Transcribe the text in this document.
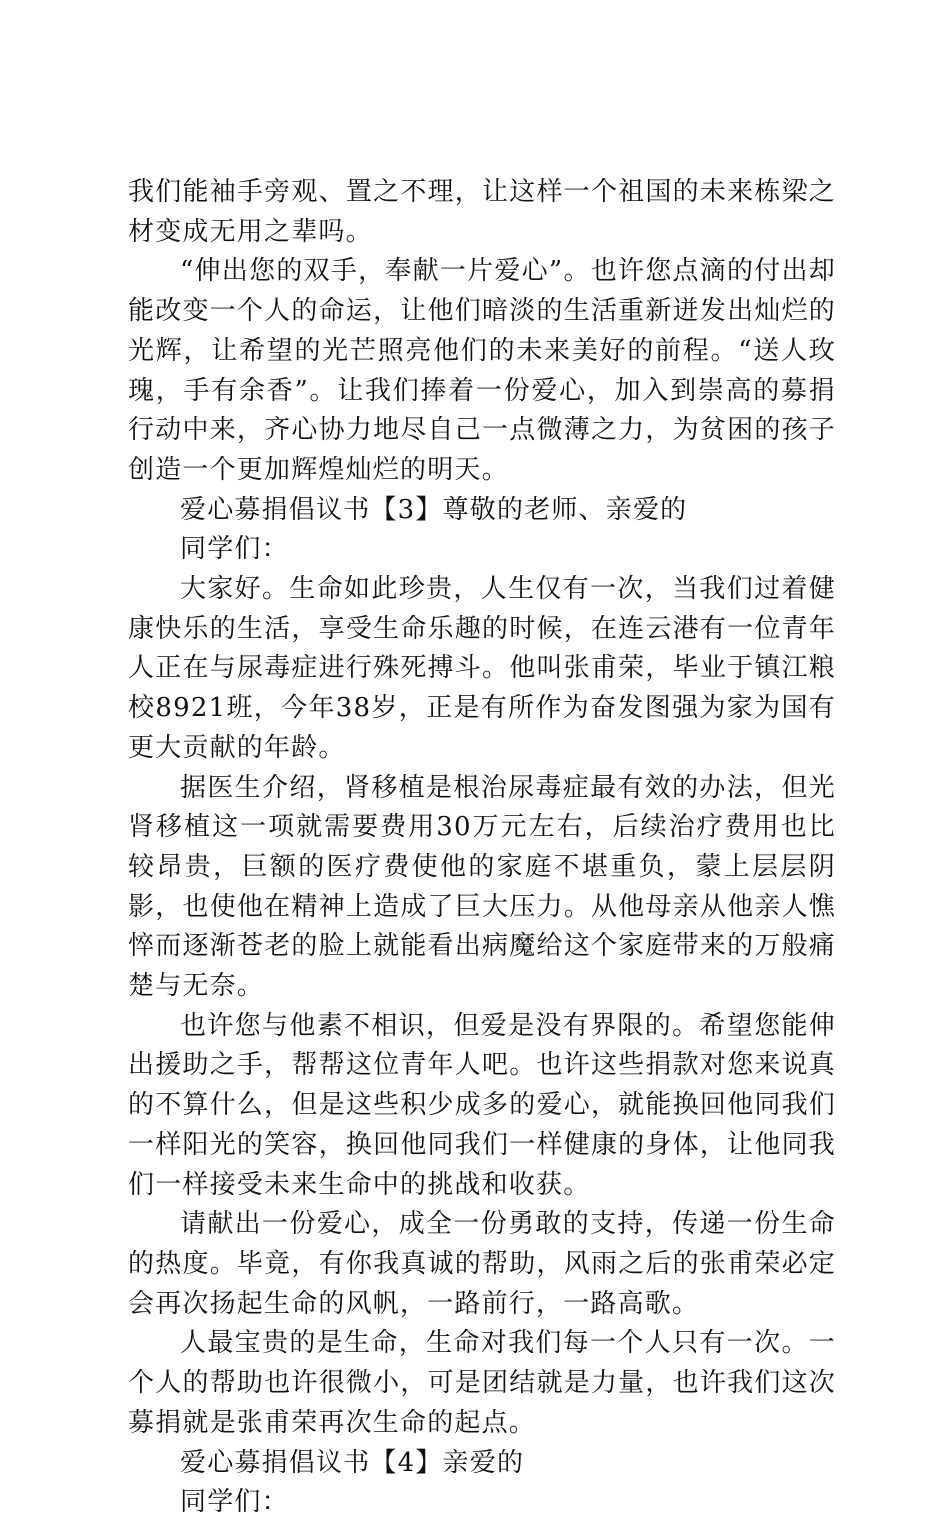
我们能袖手旁观、置之不理，让这样一个祖国的未来栋梁之材变成无用之辈吗。

“伸出您的双手，奉献一片爱心”。也许您点滴的付出却能改变一个人的命运，让他们暗淡的生活重新迸发出灿烂的光辉，让希望的光芒照亮他们的未来美好的前程。“送人玫瑰，手有余香”。让我们捧着一份爱心，加入到崇高的募捐行动中来，齐心协力地尽自己一点微薄之力，为贫困的孩子创造一个更加辉煌灿烂的明天。

爱心募捐倡议书【3】尊敬的老师、亲爱的

同学们：

大家好。生命如此珍贵，人生仅有一次，当我们过着健康快乐的生活，享受生命乐趣的时候，在连云港有一位青年人正在与尿毒症进行殊死搏斗。他叫张甫荣，毕业于镇江粮校8921班，今年38岁，正是有所作为奋发图强为家为国有更大贡献的年龄。

据医生介绍，肾移植是根治尿毒症最有效的办法，但光肾移植这一项就需要费用30万元左右，后续治疗费用也比较昂贵，巨额的医疗费使他的家庭不堪重负，蒙上层层阴影，也使他在精神上造成了巨大压力。从他母亲从他亲人憔悴而逐渐苍老的脸上就能看出病魔给这个家庭带来的万般痛楚与无奈。

也许您与他素不相识，但爱是没有界限的。希望您能伸出援助之手，帮帮这位青年人吧。也许这些捐款对您来说真的不算什么，但是这些积少成多的爱心，就能换回他同我们一样阳光的笑容，换回他同我们一样健康的身体，让他同我们一样接受未来生命中的挑战和收获。

请献出一份爱心，成全一份勇敢的支持，传递一份生命的热度。毕竟，有你我真诚的帮助，风雨之后的张甫荣必定会再次扬起生命的风帆，一路前行，一路高歌。

人最宝贵的是生命，生命对我们每一个人只有一次。一个人的帮助也许很微小，可是团结就是力量，也许我们这次募捐就是张甫荣再次生命的起点。

爱心募捐倡议书【4】亲爱的

同学们：
